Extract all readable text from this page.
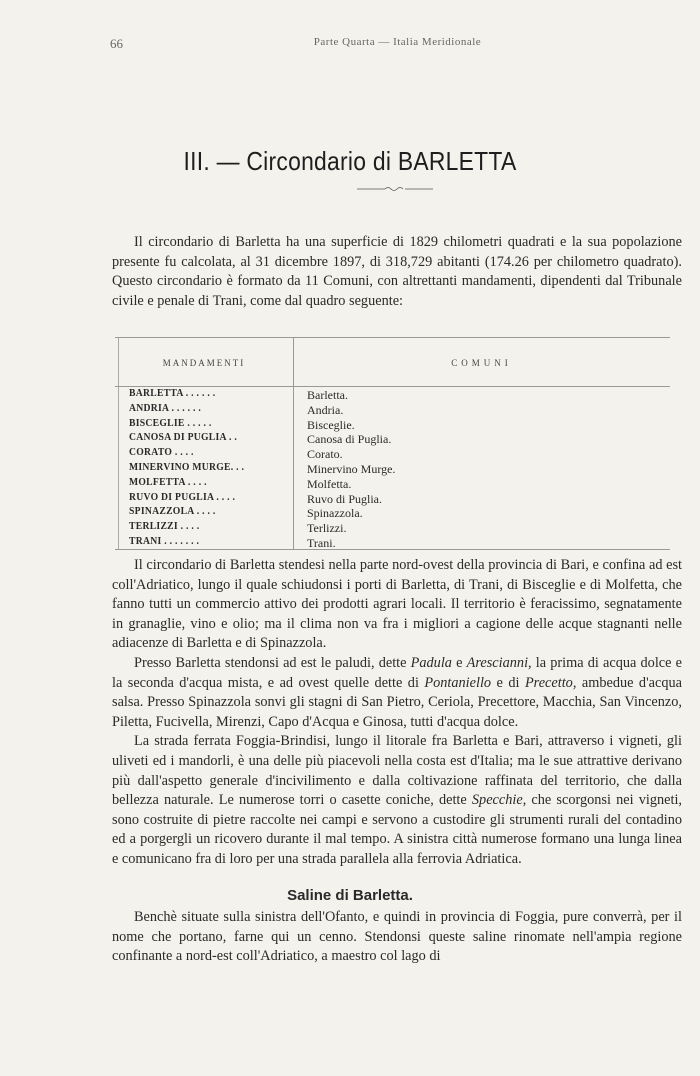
66	Parte Quarta — Italia Meridionale
III. — Circondario di BARLETTA

Il circondario di Barletta ha una superficie di 1829 chilometri quadrati e la sua popolazione presente fu calcolata, al 31 dicembre 1897, di 318,729 abitanti (174.26 per chilometro quadrato). Questo circondario è formato da 11 Comuni, con altrettanti mandamenti, dipendenti dal Tribunale civile e penale di Trani, come dal quadro seguente:

MANDAMENTI	COMUNI
BARLETTA . . . . . .	Barletta.
ANDRIA . . . . . .	Andria.
BISCEGLIE . . . . .	Bisceglie.
CANOSA DI PUGLIA . .	Canosa di Puglia.
CORATO . . . .	Corato.
MINERVINO MURGE. . .	Minervino Murge.
MOLFETTA . . . .	Molfetta.
RUVO DI PUGLIA . . . .	Ruvo di Puglia.
SPINAZZOLA . . . .	Spinazzola.
TERLIZZI . . . .	Terlizzi.
TRANI . . . . . . .	Trani.

Il circondario di Barletta stendesi nella parte nord-ovest della provincia di Bari, e confina ad est coll'Adriatico, lungo il quale schiudonsi i porti di Barletta, di Trani, di Bisceglie e di Molfetta, che fanno tutti un commercio attivo dei prodotti agrari locali. Il territorio è feracissimo, segnatamente in granaglie, vino e olio; ma il clima non va fra i migliori a cagione delle acque stagnanti nelle adiacenze di Barletta e di Spinazzola.

Presso Barletta stendonsi ad est le paludi, dette Padula e Arescianni, la prima di acqua dolce e la seconda d'acqua mista, e ad ovest quelle dette di Pontaniello e di Precetto, ambedue d'acqua salsa. Presso Spinazzola sonvi gli stagni di San Pietro, Ceriola, Precettore, Macchia, San Vincenzo, Piletta, Fucivella, Mirenzi, Capo d'Acqua e Ginosa, tutti d'acqua dolce.

La strada ferrata Foggia-Brindisi, lungo il litorale fra Barletta e Bari, attraverso i vigneti, gli uliveti ed i mandorli, è una delle più piacevoli nella costa est d'Italia; ma le sue attrattive derivano più dall'aspetto generale d'incivilimento e dalla coltivazione raffinata del territorio, che dalla bellezza naturale. Le numerose torri o casette coniche, dette Specchie, che scorgonsi nei vigneti, sono costruite di pietre raccolte nei campi e servono a custodire gli strumenti rurali del contadino ed a porgergli un ricovero durante il mal tempo. A sinistra città numerose formano una lunga linea e comunicano fra di loro per una strada parallela alla ferrovia Adriatica.

Saline di Barletta.

Benchè situate sulla sinistra dell'Ofanto, e quindi in provincia di Foggia, pure converrà, per il nome che portano, farne qui un cenno. Stendonsi queste saline rinomate nell'ampia regione confinante a nord-est coll'Adriatico, a maestro col lago di
